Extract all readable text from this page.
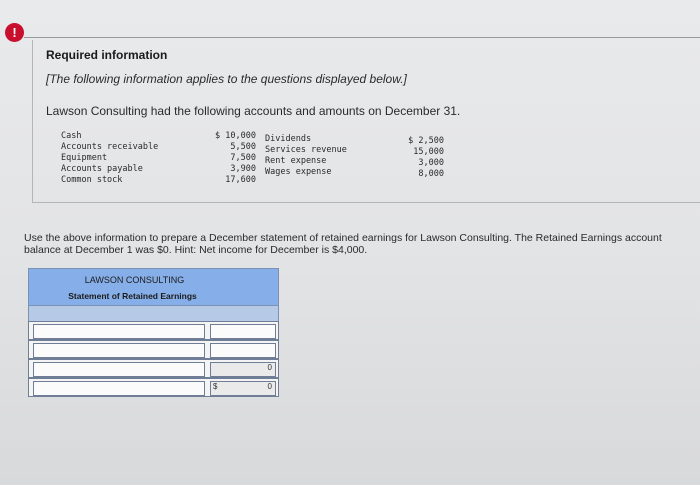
!
Required information
[The following information applies to the questions displayed below.]
Lawson Consulting had the following accounts and amounts on December 31.
Cash
Accounts receivable
Equipment
Accounts payable
Common stock
$ 10,000
5,500
7,500
3,900
17,600
Dividends
Services revenue
Rent expense
Wages expense
$ 2,500
15,000
3,000
8,000
Use the above information to prepare a December statement of retained earnings for Lawson Consulting. The Retained Earnings account balance at December 1 was $0. Hint: Net income for December is $4,000.
LAWSON CONSULTING
Statement of Retained Earnings
0
$	0
